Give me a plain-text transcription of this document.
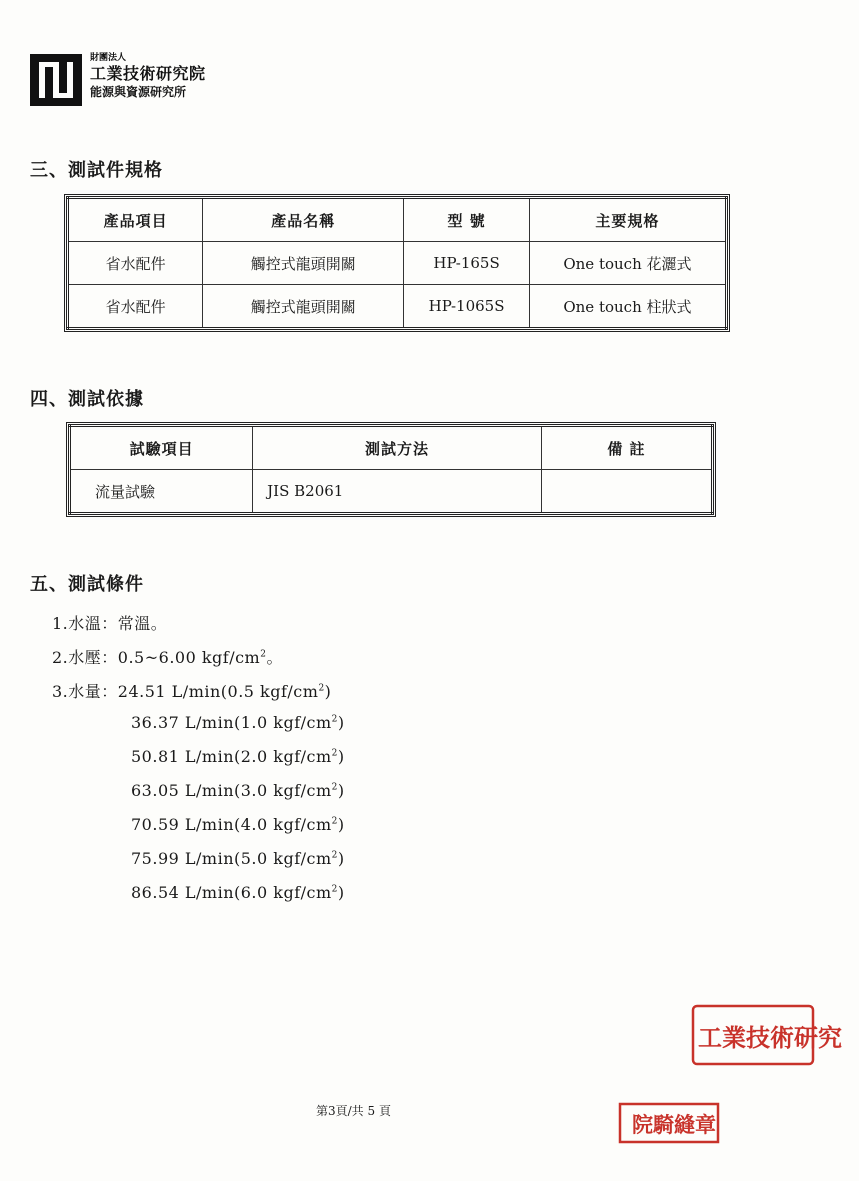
財團法人
工業技術研究院
能源與資源研究所
三、測試件規格
產品項目	產品名稱	型 號	主要規格
省水配件	觸控式龍頭開關	HP-165S	One touch 花灑式
省水配件	觸控式龍頭開關	HP-1065S	One touch 柱狀式
四、測試依據
試驗項目	測試方法	備 註
流量試驗	JIS B2061	
五、測試條件
1.水溫：常溫。
2.水壓：0.5~6.00 kgf/$cm^2$。
3.水量：24.51 L/min(0.5 kgf/$cm^2$)
36.37 L/min(1.0 kgf/$cm^2$)
50.81 L/min(2.0 kgf/$cm^2$)
63.05 L/min(3.0 kgf/$cm^2$)
70.59 L/min(4.0 kgf/$cm^2$)
75.99 L/min(5.0 kgf/$cm^2$)
86.54 L/min(6.0 kgf/$cm^2$)
第3頁/共 5 頁
工業技術研究
院騎縫章
